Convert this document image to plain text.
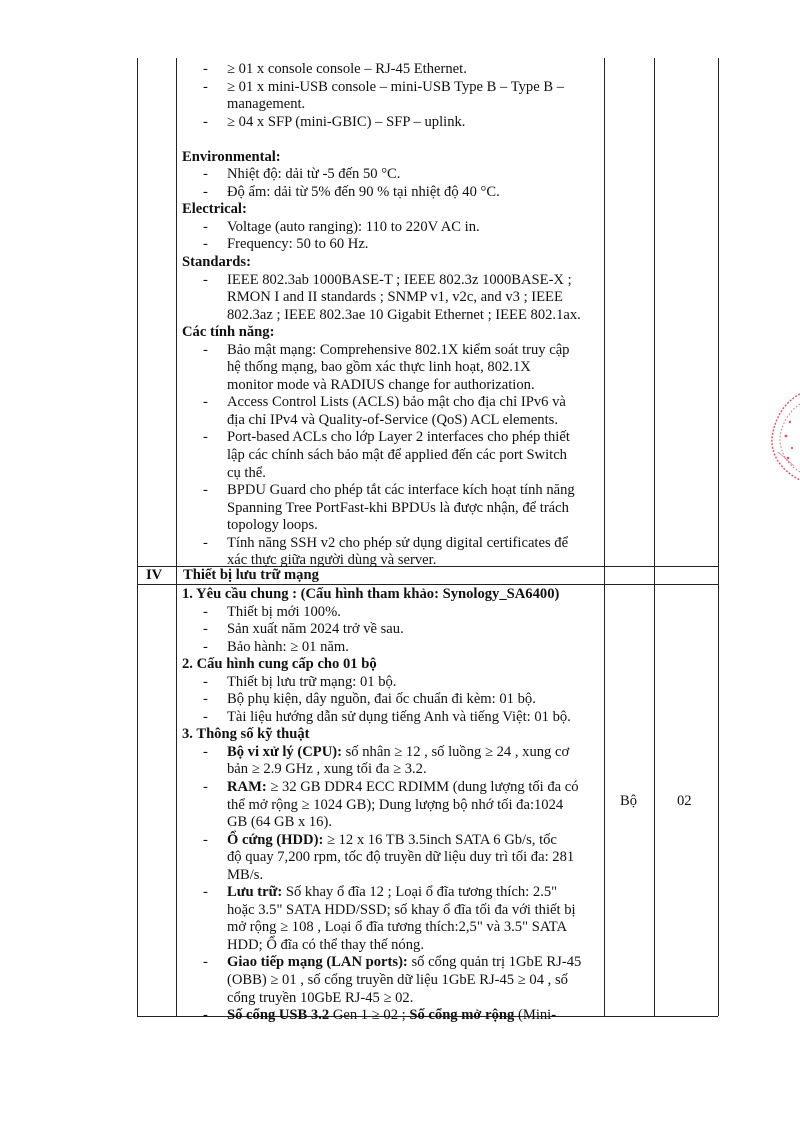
- ≥ 01 x console console – RJ-45 Ethernet.
- ≥ 01 x mini-USB console – mini-USB Type B – Type B –
management.
- ≥ 04 x SFP (mini-GBIC) – SFP – uplink.
Environmental:
- Nhiệt độ: dải từ -5 đến 50 °C.
- Độ ẩm: dải từ 5% đến 90 % tại nhiệt độ 40 °C.
Electrical:
- Voltage (auto ranging): 110 to 220V AC in.
- Frequency: 50 to 60 Hz.
Standards:
- IEEE 802.3ab 1000BASE-T ; IEEE 802.3z 1000BASE-X ;
RMON I and II standards ; SNMP v1, v2c, and v3 ; IEEE
802.3az ; IEEE 802.3ae 10 Gigabit Ethernet ; IEEE 802.1ax.
Các tính năng:
- Bảo mật mạng: Comprehensive 802.1X kiểm soát truy cập
hệ thống mạng, bao gồm xác thực linh hoạt, 802.1X
monitor mode và RADIUS change for authorization.
- Access Control Lists (ACLS) bảo mật cho địa chỉ IPv6 và
địa chỉ IPv4 và Quality-of-Service (QoS) ACL elements.
- Port-based ACLs cho lớp Layer 2 interfaces cho phép thiết
lập các chính sách bảo mật để applied đến các port Switch
cụ thể.
- BPDU Guard cho phép tắt các interface kích hoạt tính năng
Spanning Tree PortFast-khi BPDUs là được nhận, để trách
topology loops.
- Tính năng SSH v2 cho phép sử dụng digital certificates để
xác thực giữa người dùng và server.
IV Thiết bị lưu trữ mạng
1. Yêu cầu chung : (Cấu hình tham khảo: Synology_SA6400)
- Thiết bị mới 100%.
- Sản xuất năm 2024 trở về sau.
- Bảo hành: ≥ 01 năm.
2. Cấu hình cung cấp cho 01 bộ
- Thiết bị lưu trữ mạng: 01 bộ.
- Bộ phụ kiện, dây nguồn, đai ốc chuẩn đi kèm: 01 bộ.
- Tài liệu hướng dẫn sử dụng tiếng Anh và tiếng Việt: 01 bộ.
3. Thông số kỹ thuật
- Bộ vi xử lý (CPU): số nhân ≥ 12 , số luồng ≥ 24 , xung cơ
bản ≥ 2.9 GHz , xung tối đa ≥ 3.2.
- RAM: ≥ 32 GB DDR4 ECC RDIMM (dung lượng tối đa có
thể mở rộng ≥ 1024 GB); Dung lượng bộ nhớ tối đa:1024
GB (64 GB x 16).
- Ổ cứng (HDD): ≥ 12 x 16 TB 3.5inch SATA 6 Gb/s, tốc
độ quay 7,200 rpm, tốc độ truyền dữ liệu duy trì tối đa: 281
MB/s.
- Lưu trữ: Số khay ổ đĩa 12 ; Loại ổ đĩa tương thích: 2.5"
hoặc 3.5" SATA HDD/SSD; số khay ổ đĩa tối đa với thiết bị
mở rộng ≥ 108 , Loại ổ đĩa tương thích:2,5" và 3.5" SATA
HDD; Ổ đĩa có thể thay thế nóng.
- Giao tiếp mạng (LAN ports): số cổng quản trị 1GbE RJ-45
(OBB) ≥ 01 , số cổng truyền dữ liệu 1GbE RJ-45 ≥ 04 , số
cổng truyền 10GbE RJ-45 ≥ 02.
- Số cổng USB 3.2 Gen 1 ≥ 02 ; Số cổng mở rộng (Mini-
Bộ	02
